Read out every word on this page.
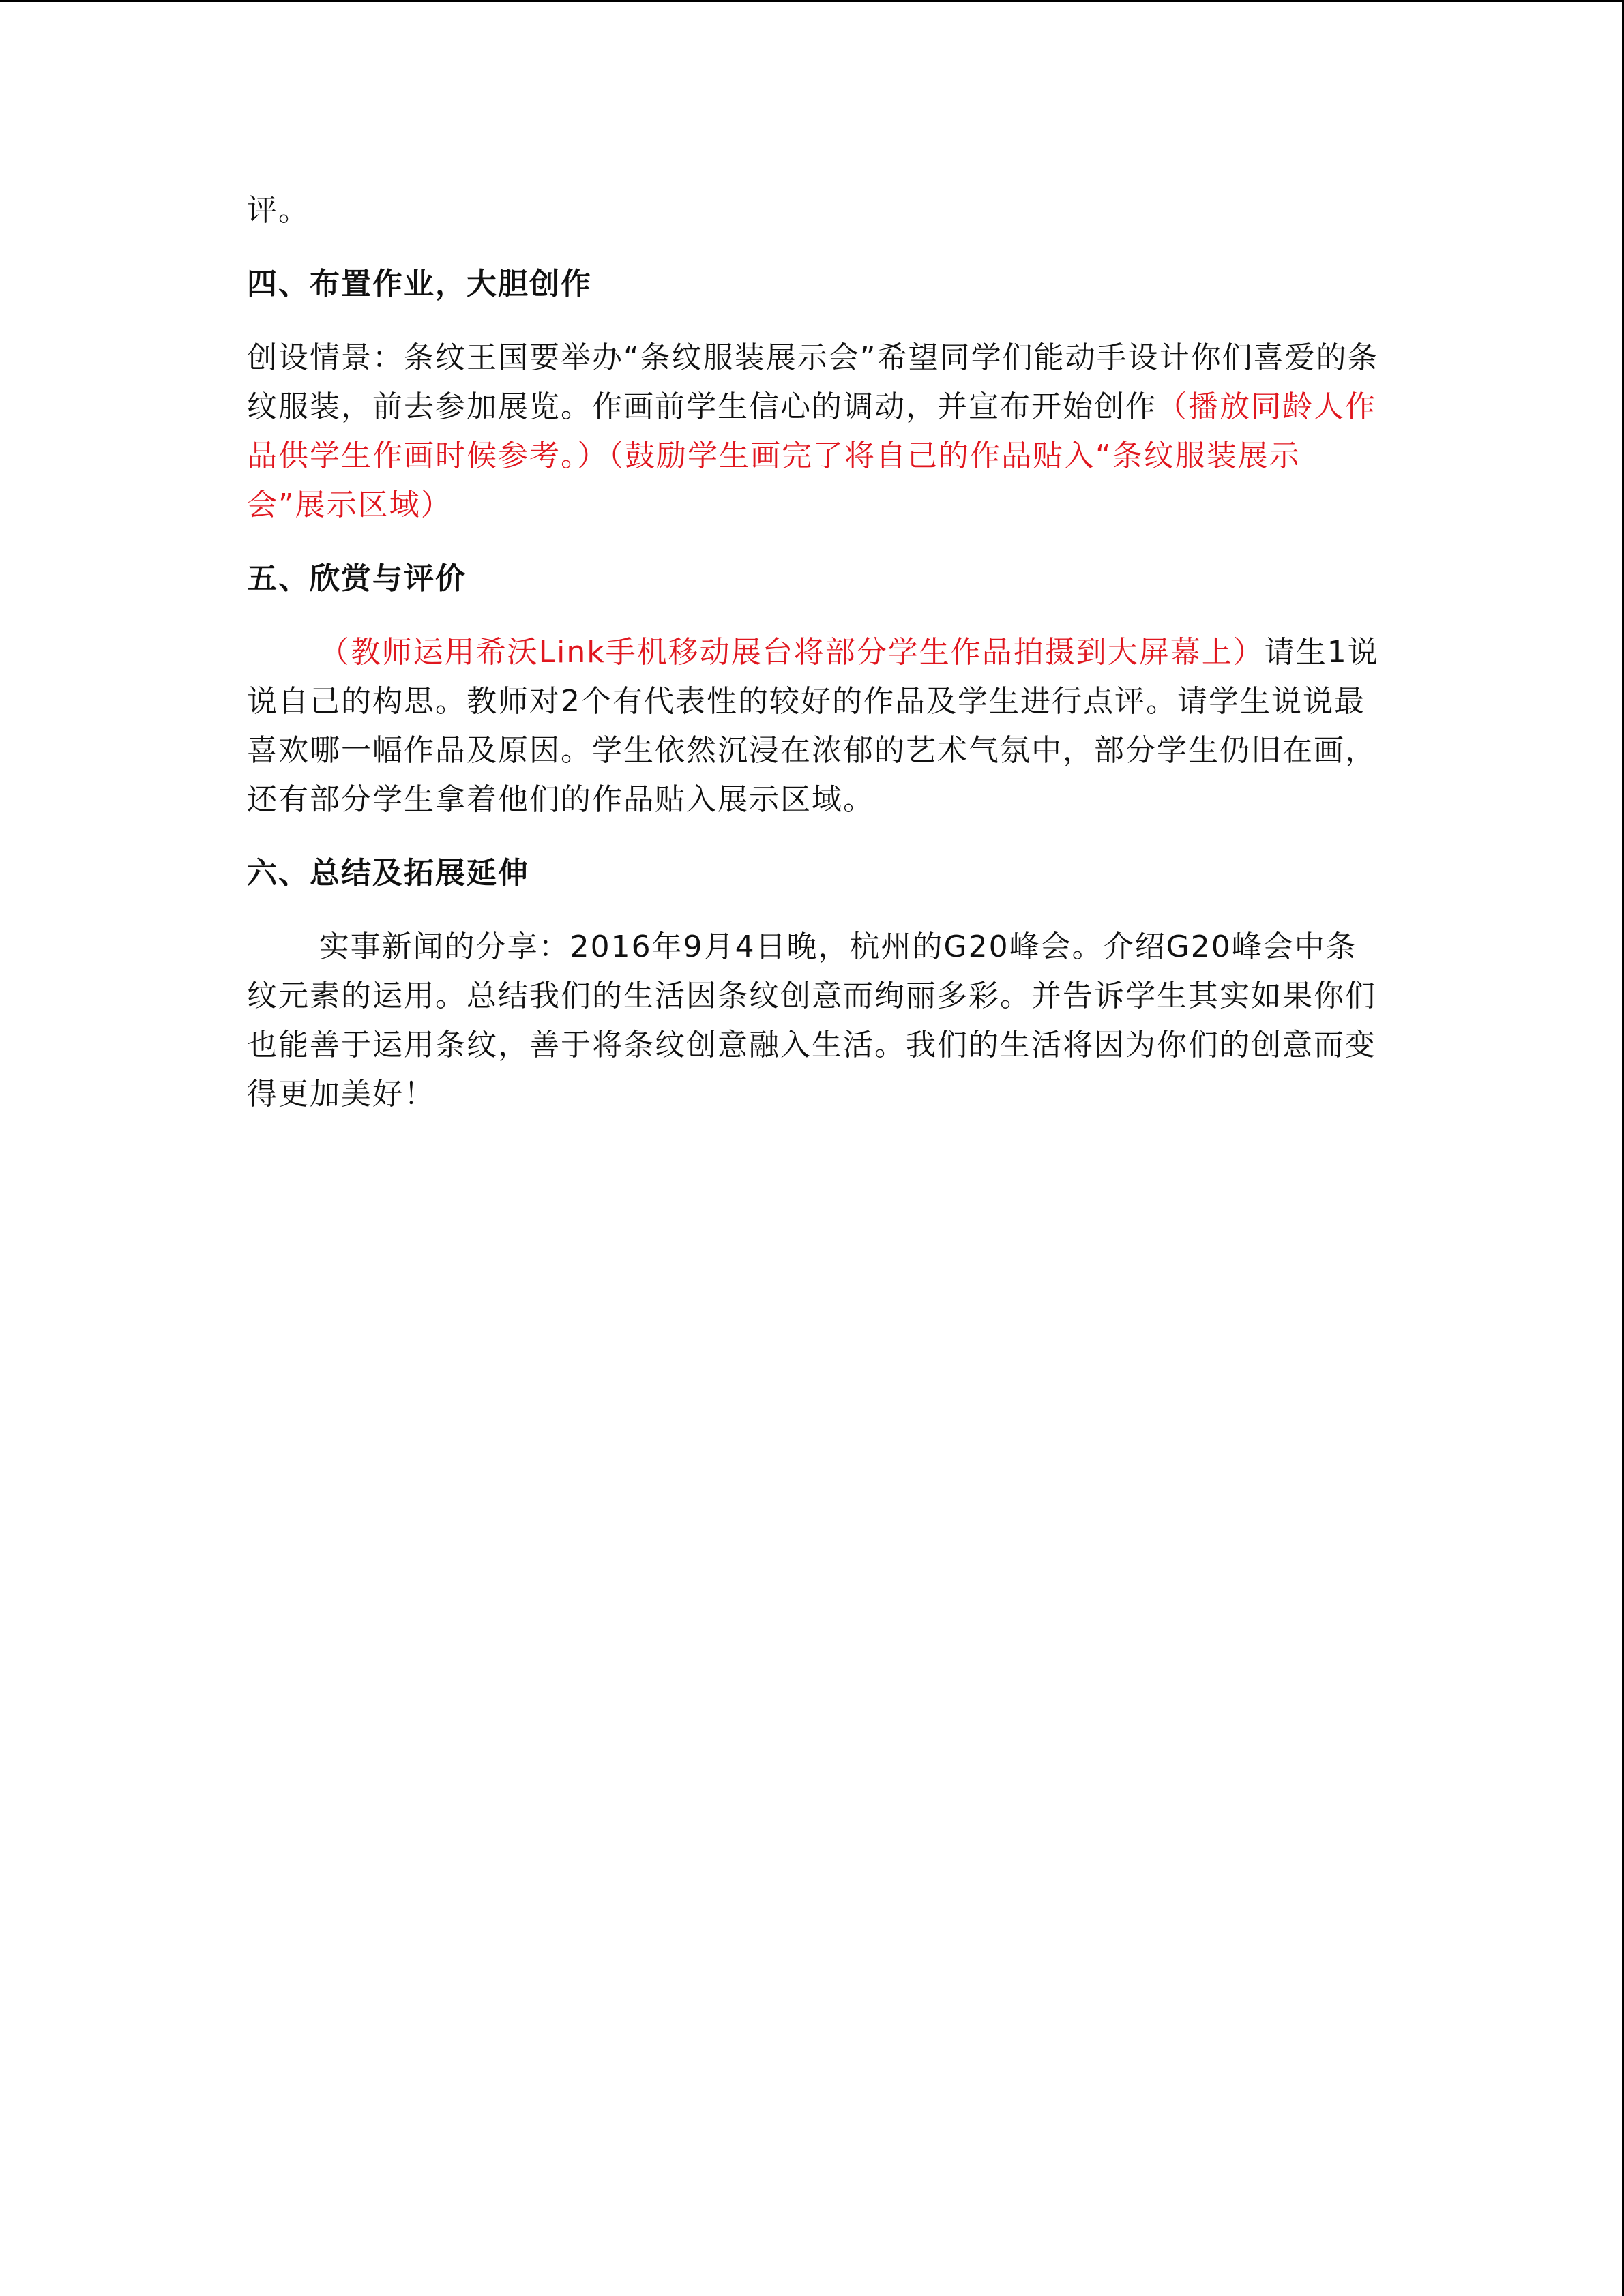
评。

四、布置作业，大胆创作

创设情景：条纹王国要举办“条纹服装展示会”希望同学们能动手设计你们喜爱的条纹服装，前去参加展览。作画前学生信心的调动，并宣布开始创作（播放同龄人作品供学生作画时候参考。）（鼓励学生画完了将自己的作品贴入“条纹服装展示会”展示区域）

五、欣赏与评价

（教师运用希沃Link手机移动展台将部分学生作品拍摄到大屏幕上）请生1说说自己的构思。教师对2个有代表性的较好的作品及学生进行点评。请学生说说最喜欢哪一幅作品及原因。学生依然沉浸在浓郁的艺术气氛中，部分学生仍旧在画，还有部分学生拿着他们的作品贴入展示区域。

六、总结及拓展延伸

实事新闻的分享：2016年9月4日晚，杭州的G20峰会。介绍G20峰会中条纹元素的运用。总结我们的生活因条纹创意而绚丽多彩。并告诉学生其实如果你们也能善于运用条纹，善于将条纹创意融入生活。我们的生活将因为你们的创意而变得更加美好！
